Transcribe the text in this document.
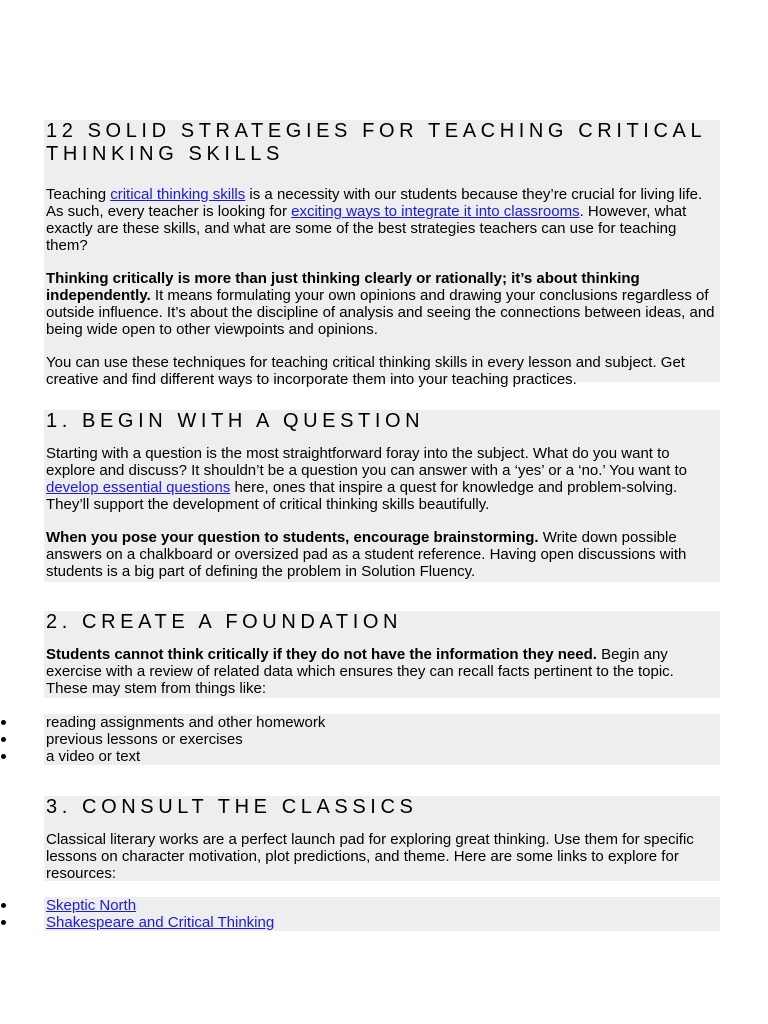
12 SOLID STRATEGIES FOR TEACHING CRITICAL THINKING SKILLS

Teaching critical thinking skills is a necessity with our students because they’re crucial for living life. As such, every teacher is looking for exciting ways to integrate it into classrooms. However, what exactly are these skills, and what are some of the best strategies teachers can use for teaching them?

Thinking critically is more than just thinking clearly or rationally; it’s about thinking independently. It means formulating your own opinions and drawing your conclusions regardless of outside influence. It’s about the discipline of analysis and seeing the connections between ideas, and being wide open to other viewpoints and opinions.

You can use these techniques for teaching critical thinking skills in every lesson and subject. Get creative and find different ways to incorporate them into your teaching practices.

1. BEGIN WITH A QUESTION

Starting with a question is the most straightforward foray into the subject. What do you want to explore and discuss? It shouldn’t be a question you can answer with a ‘yes’ or a ‘no.’ You want to develop essential questions here, ones that inspire a quest for knowledge and problem-solving. They’ll support the development of critical thinking skills beautifully.

When you pose your question to students, encourage brainstorming. Write down possible answers on a chalkboard or oversized pad as a student reference. Having open discussions with students is a big part of defining the problem in Solution Fluency.

2. CREATE A FOUNDATION

Students cannot think critically if they do not have the information they need. Begin any exercise with a review of related data which ensures they can recall facts pertinent to the topic. These may stem from things like:

reading assignments and other homework
previous lessons or exercises
a video or text
3. CONSULT THE CLASSICS

Classical literary works are a perfect launch pad for exploring great thinking. Use them for specific lessons on character motivation, plot predictions, and theme. Here are some links to explore for resources:

Skeptic North
Shakespeare and Critical Thinking
